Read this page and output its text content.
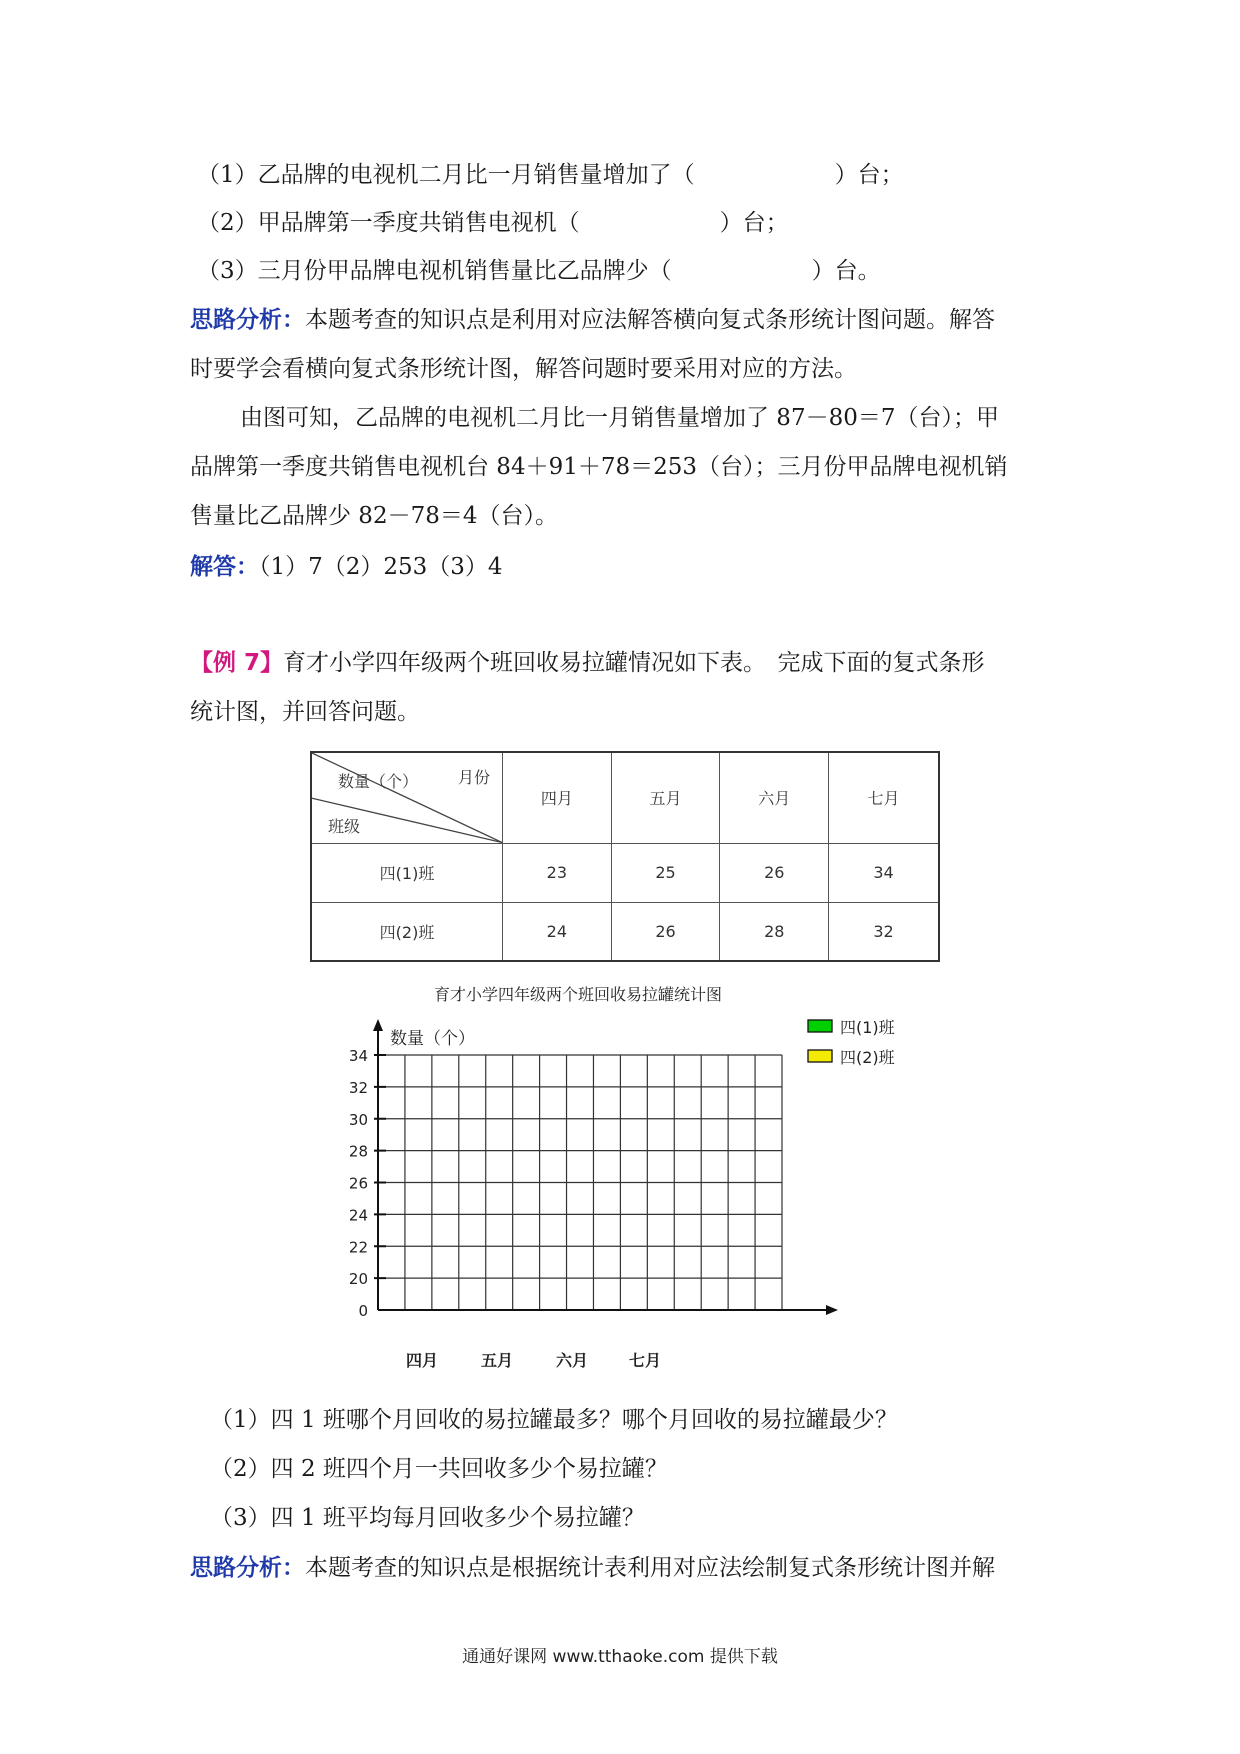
（1）乙品牌的电视机二月比一月销售量增加了（	）台；
（2）甲品牌第一季度共销售电视机（	）台；
（3）三月份甲品牌电视机销售量比乙品牌少（	）台。
思路分析：本题考查的知识点是利用对应法解答横向复式条形统计图问题。解答
时要学会看横向复式条形统计图，解答问题时要采用对应的方法。
由图可知，乙品牌的电视机二月比一月销售量增加了 87－80＝7（台）；甲
品牌第一季度共销售电视机台 84＋91＋78＝253（台）；三月份甲品牌电视机销
售量比乙品牌少 82－78＝4（台）。
解答：（1）7（2）253（3）4
【例 7】育才小学四年级两个班回收易拉罐情况如下表。　完成下面的复式条形
统计图，并回答问题。
数量（个） 月份
班级	四月	五月	六月	七月
四(1)班	23	25	26	34
四(2)班	24	26	28	32
育才小学四年级两个班回收易拉罐统计图
0
20
22
24
26
28
30
32
34
四月	五月	六月	七月
四(1)班
四(2)班
数量（个）
（1）四 1 班哪个月回收的易拉罐最多？哪个月回收的易拉罐最少？
（2）四 2 班四个月一共回收多少个易拉罐？
（3）四 1 班平均每月回收多少个易拉罐？
思路分析：本题考查的知识点是根据统计表利用对应法绘制复式条形统计图并解
通通好课网 www.tthaoke.com 提供下载
